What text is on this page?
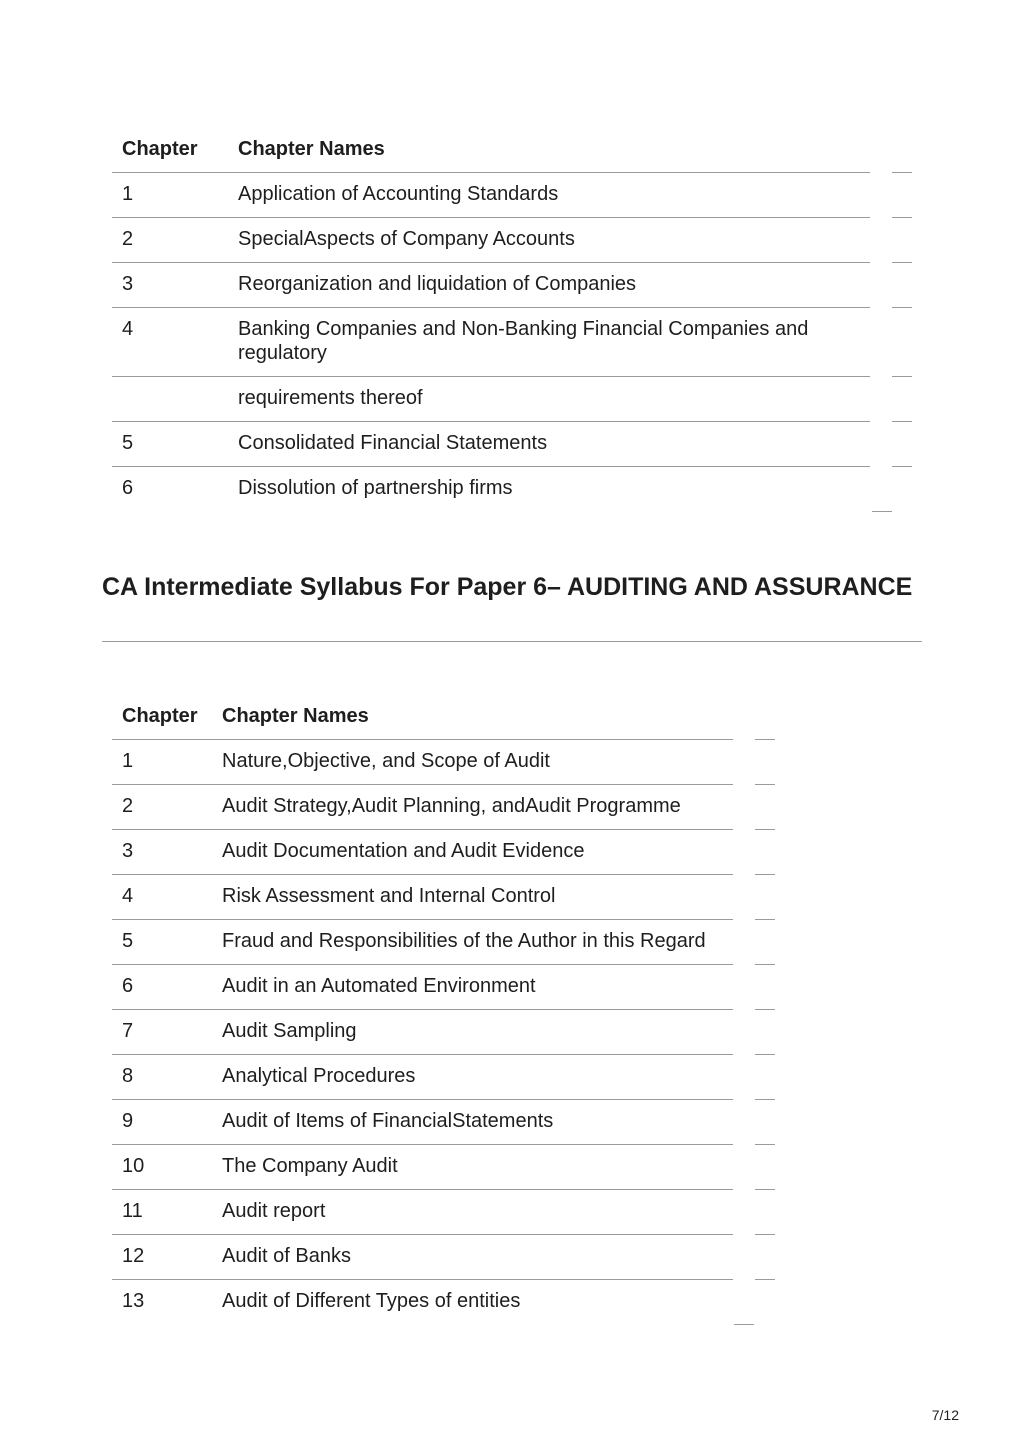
Chapter	Chapter Names
1	Application of Accounting Standards
2	SpecialAspects of Company Accounts
3	Reorganization and liquidation of Companies
4	Banking Companies and Non-Banking Financial Companies and regulatory
requirements thereof
5	Consolidated Financial Statements
6	Dissolution of partnership firms
CA Intermediate Syllabus For Paper 6– AUDITING AND ASSURANCE
Chapter	Chapter Names
1	Nature,Objective, and Scope of Audit
2	Audit Strategy,Audit Planning, andAudit Programme
3	Audit Documentation and Audit Evidence
4	Risk Assessment and Internal Control
5	Fraud and Responsibilities of the Author in this Regard
6	Audit in an Automated Environment
7	Audit Sampling
8	Analytical Procedures
9	Audit of Items of FinancialStatements
10	The Company Audit
11	Audit report
12	Audit of Banks
13	Audit of Different Types of entities
7/12
